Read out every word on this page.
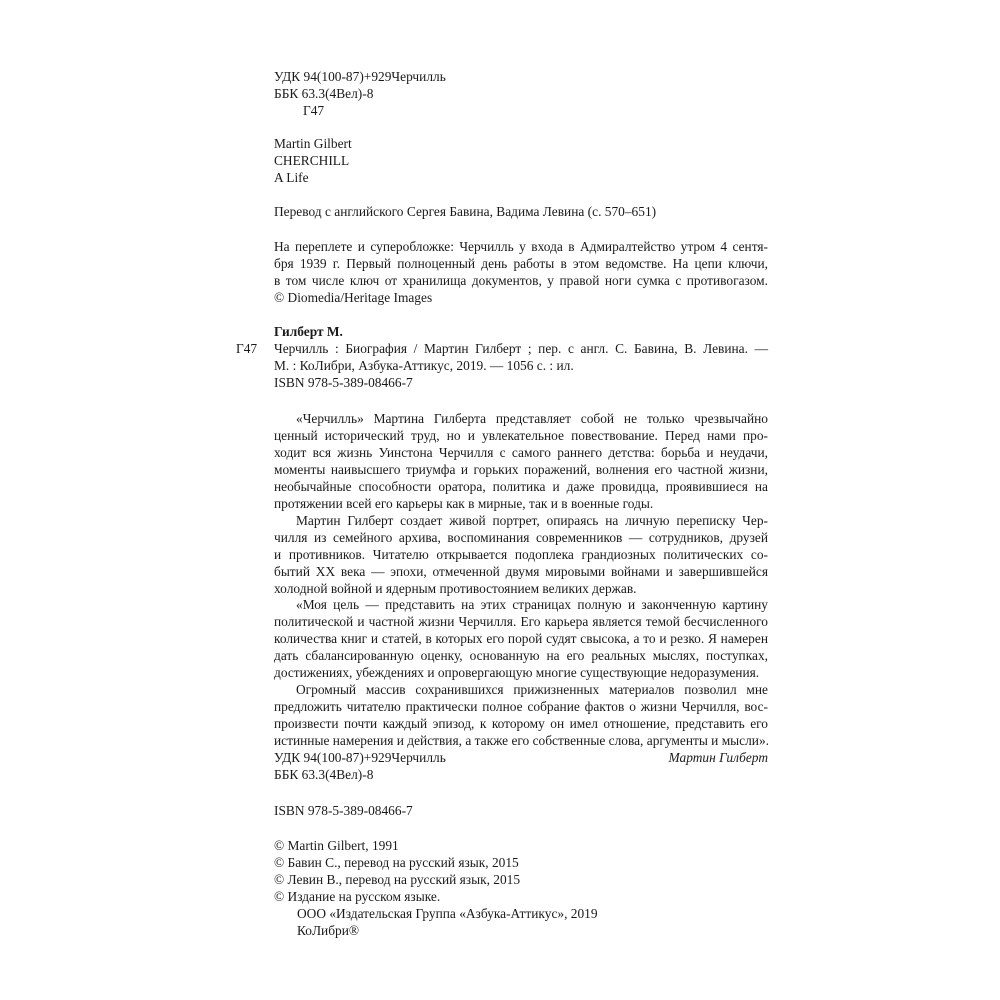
УДК 94(100-87)+929Черчилль
ББК 63.3(4Вел)-8
Г47
Martin Gilbert
CHERCHILL
A Life
Перевод с английского Сергея Бавина, Вадима Левина (с. 570–651)
На переплете и суперобложке: Черчилль у входа в Адмиралтейство утром 4 сентя-
бря 1939 г. Первый полноценный день работы в этом ведомстве. На цепи ключи,
в том числе ключ от хранилища документов, у правой ноги сумка с противогазом.
© Diomedia/Heritage Images
Г47
Гилберт М.
Черчилль : Биография / Мартин Гилберт ; пер. с англ. С. Бавина, В. Левина. —
М. : КоЛибри, Азбука-Аттикус, 2019. — 1056 с. : ил.
ISBN 978-5-389-08466-7
«Черчилль» Мартина Гилберта представляет собой не только чрезвычайно
ценный исторический труд, но и увлекательное повествование. Перед нами про-
ходит вся жизнь Уинстона Черчилля с самого раннего детства: борьба и неудачи,
моменты наивысшего триумфа и горьких поражений, волнения его частной жизни,
необычайные способности оратора, политика и даже провидца, проявившиеся на
протяжении всей его карьеры как в мирные, так и в военные годы.
Мартин Гилберт создает живой портрет, опираясь на личную переписку Чер-
чилля из семейного архива, воспоминания современников — сотрудников, друзей
и противников. Читателю открывается подоплека грандиозных политических со-
бытий XX века — эпохи, отмеченной двумя мировыми войнами и завершившейся
холодной войной и ядерным противостоянием великих держав.
«Моя цель — представить на этих страницах полную и законченную картину
политической и частной жизни Черчилля. Его карьера является темой бесчисленного
количества книг и статей, в которых его порой судят свысока, а то и резко. Я намерен
дать сбалансированную оценку, основанную на его реальных мыслях, поступках,
достижениях, убеждениях и опровергающую многие существующие недоразумения.
Огромный массив сохранившихся прижизненных материалов позволил мне
предложить читателю практически полное собрание фактов о жизни Черчилля, вос-
произвести почти каждый эпизод, к которому он имел отношение, представить его
истинные намерения и действия, а также его собственные слова, аргументы и мысли».
Мартин Гилберт
УДК 94(100-87)+929Черчилль
ББК 63.3(4Вел)-8
ISBN 978-5-389-08466-7
© Martin Gilbert, 1991
© Бавин С., перевод на русский язык, 2015
© Левин В., перевод на русский язык, 2015
© Издание на русском языке.
ООО «Издательская Группа «Азбука-Аттикус», 2019
КоЛибри®
